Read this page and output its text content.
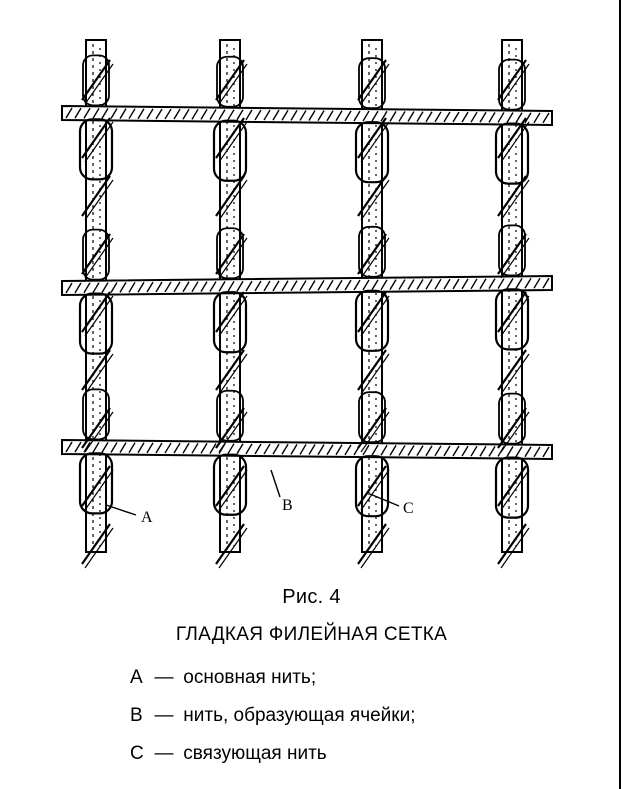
A
B	C
Рис. 4
ГЛАДКАЯ ФИЛЕЙНАЯ СЕТКА
A — основная нить;
B — нить, образующая ячейки;
C — связующая нить
